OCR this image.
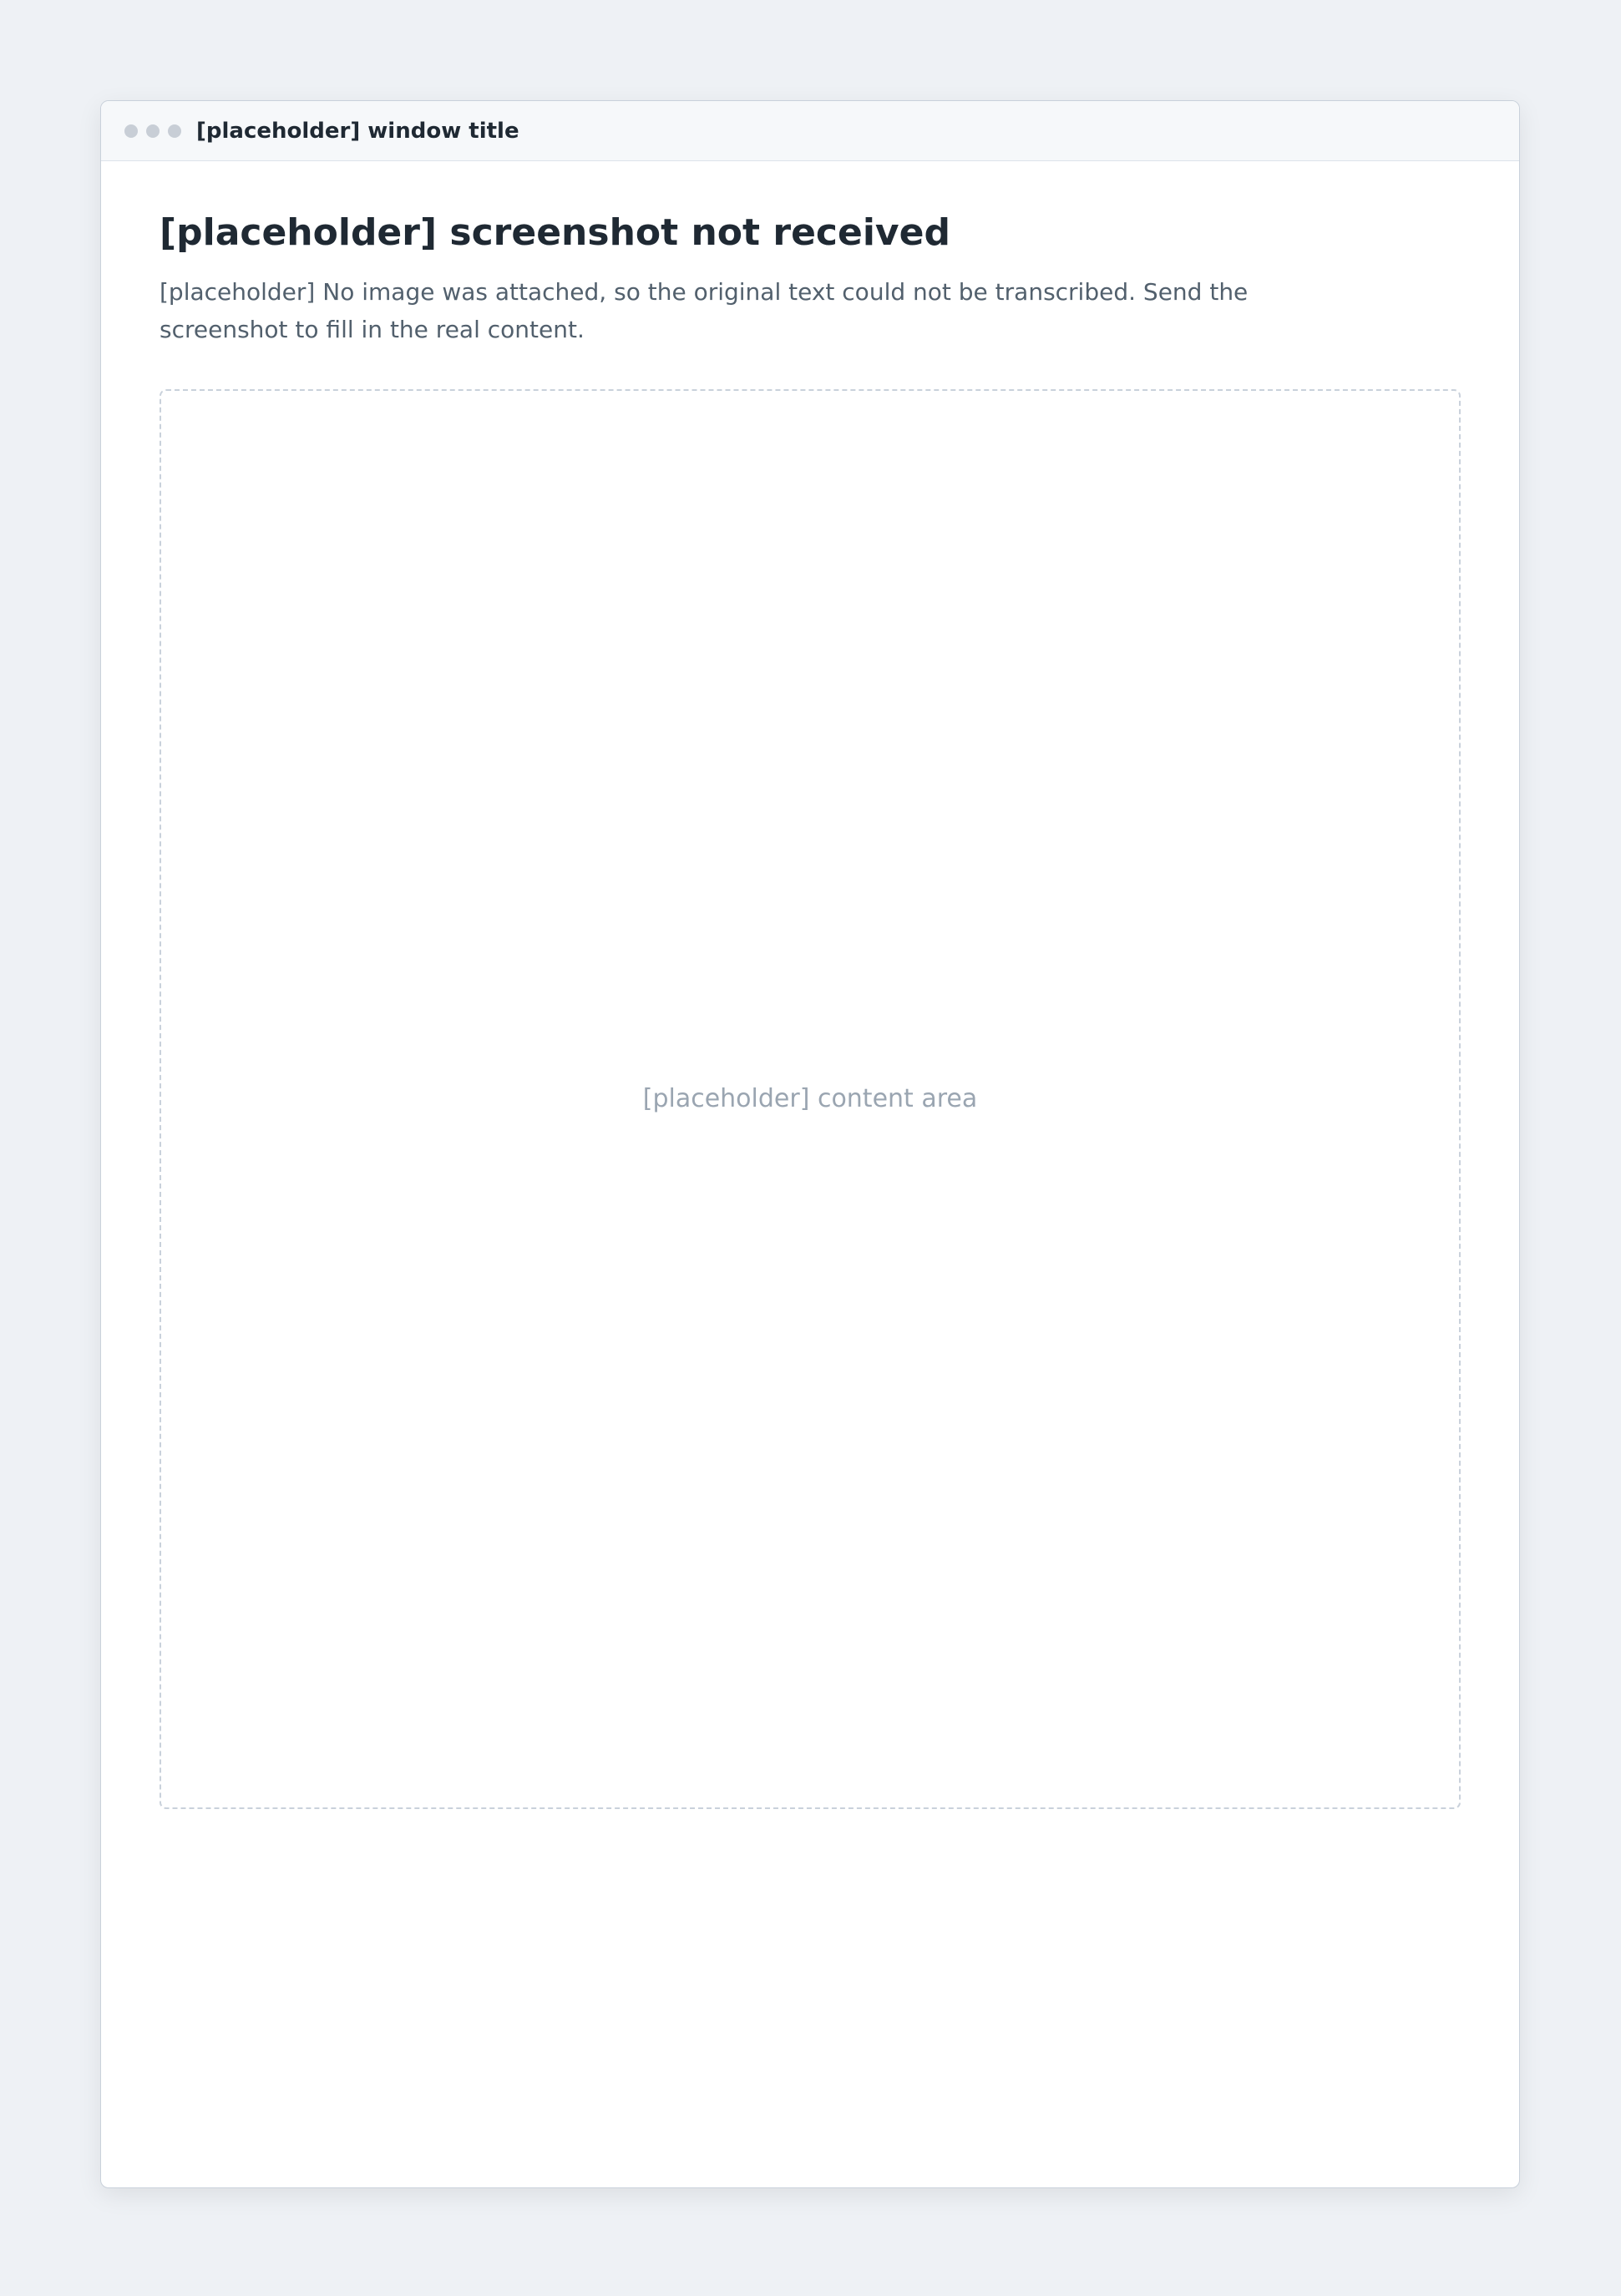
[placeholder] window title
[placeholder] screenshot not received

[placeholder] No image was attached, so the original text could not be transcribed. Send the screenshot to fill in the real content.

[placeholder] content area
